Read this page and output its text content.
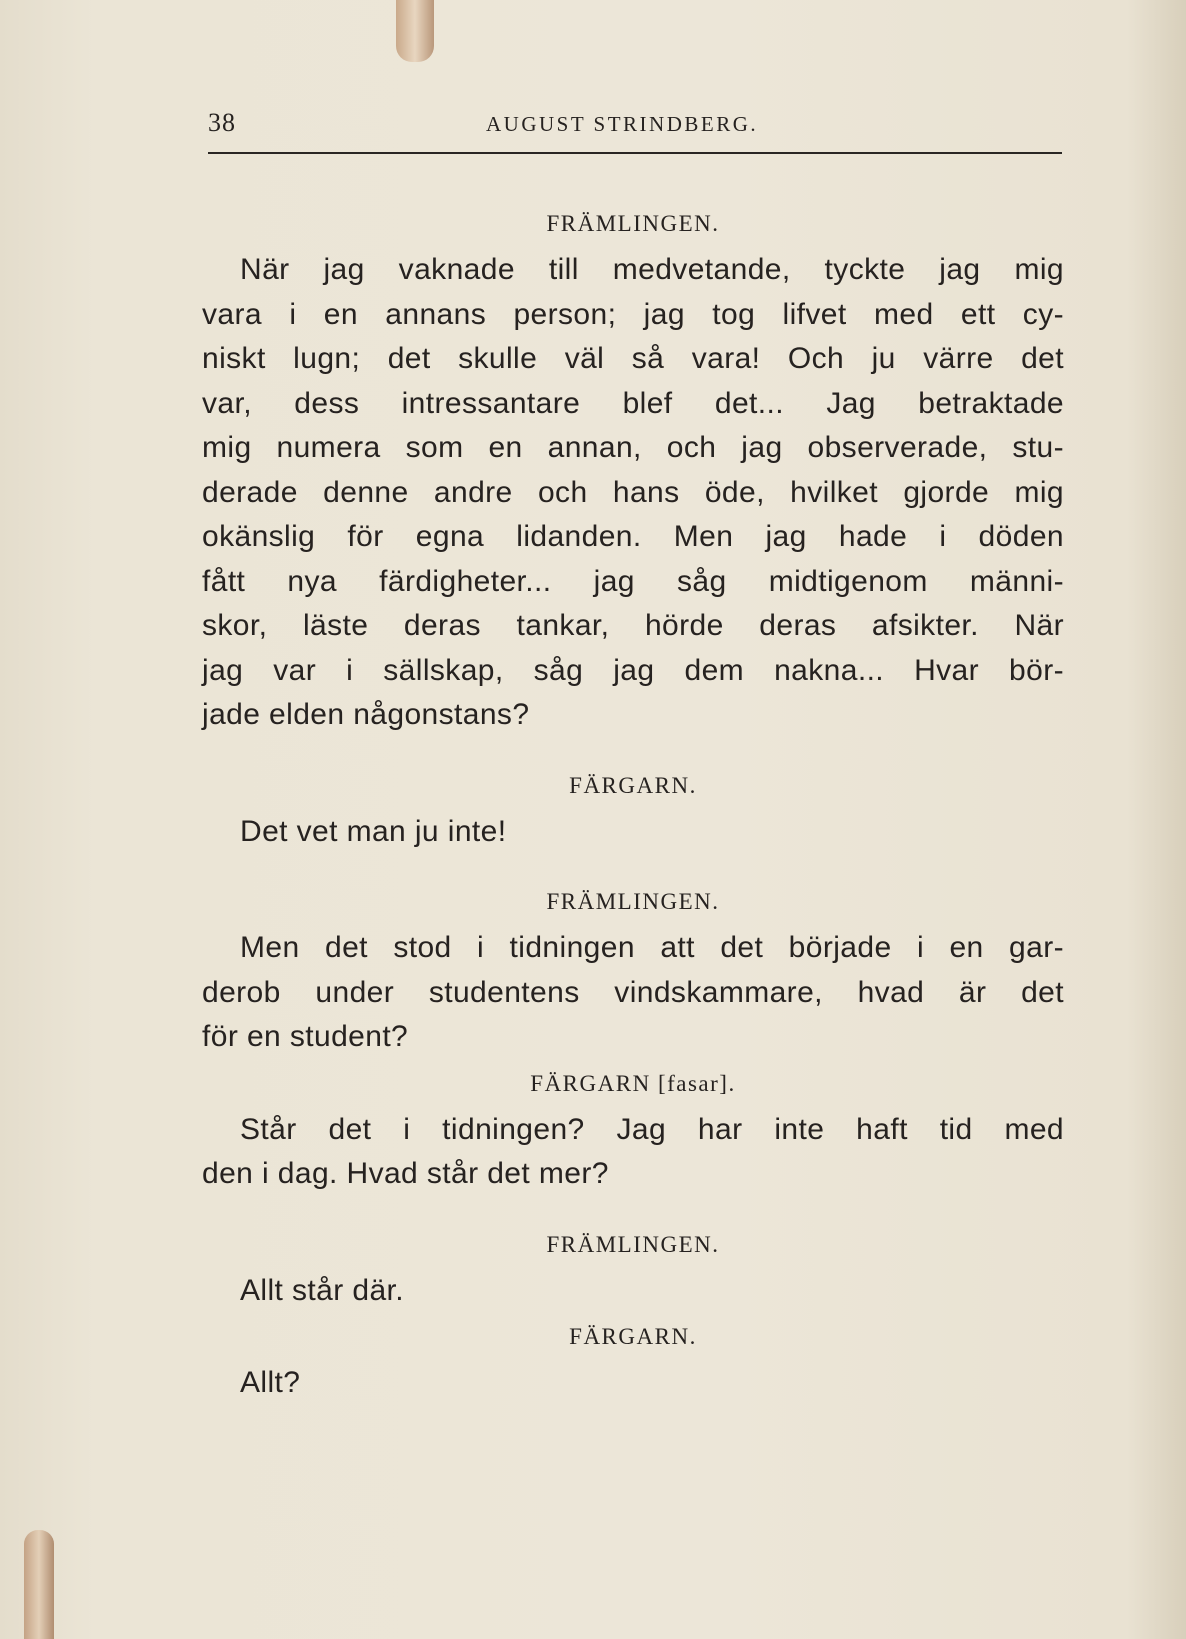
38	AUGUST STRINDBERG.
FRÄMLINGEN.
När jag vaknade till medvetande, tyckte jag mig
vara i en annans person; jag tog lifvet med ett cy-
niskt lugn; det skulle väl så vara! Och ju värre det
var, dess intressantare blef det... Jag betraktade
mig numera som en annan, och jag observerade, stu-
derade denne andre och hans öde, hvilket gjorde mig
okänslig för egna lidanden. Men jag hade i döden
fått nya färdigheter... jag såg midtigenom männi-
skor, läste deras tankar, hörde deras afsikter. När
jag var i sällskap, såg jag dem nakna... Hvar bör-
jade elden någonstans?
FÄRGARN.
Det vet man ju inte!
FRÄMLINGEN.
Men det stod i tidningen att det började i en gar-
derob under studentens vindskammare, hvad är det
för en student?
FÄRGARN [fasar].
Står det i tidningen? Jag har inte haft tid med
den i dag. Hvad står det mer?
FRÄMLINGEN.
Allt står där.
FÄRGARN.
Allt?
